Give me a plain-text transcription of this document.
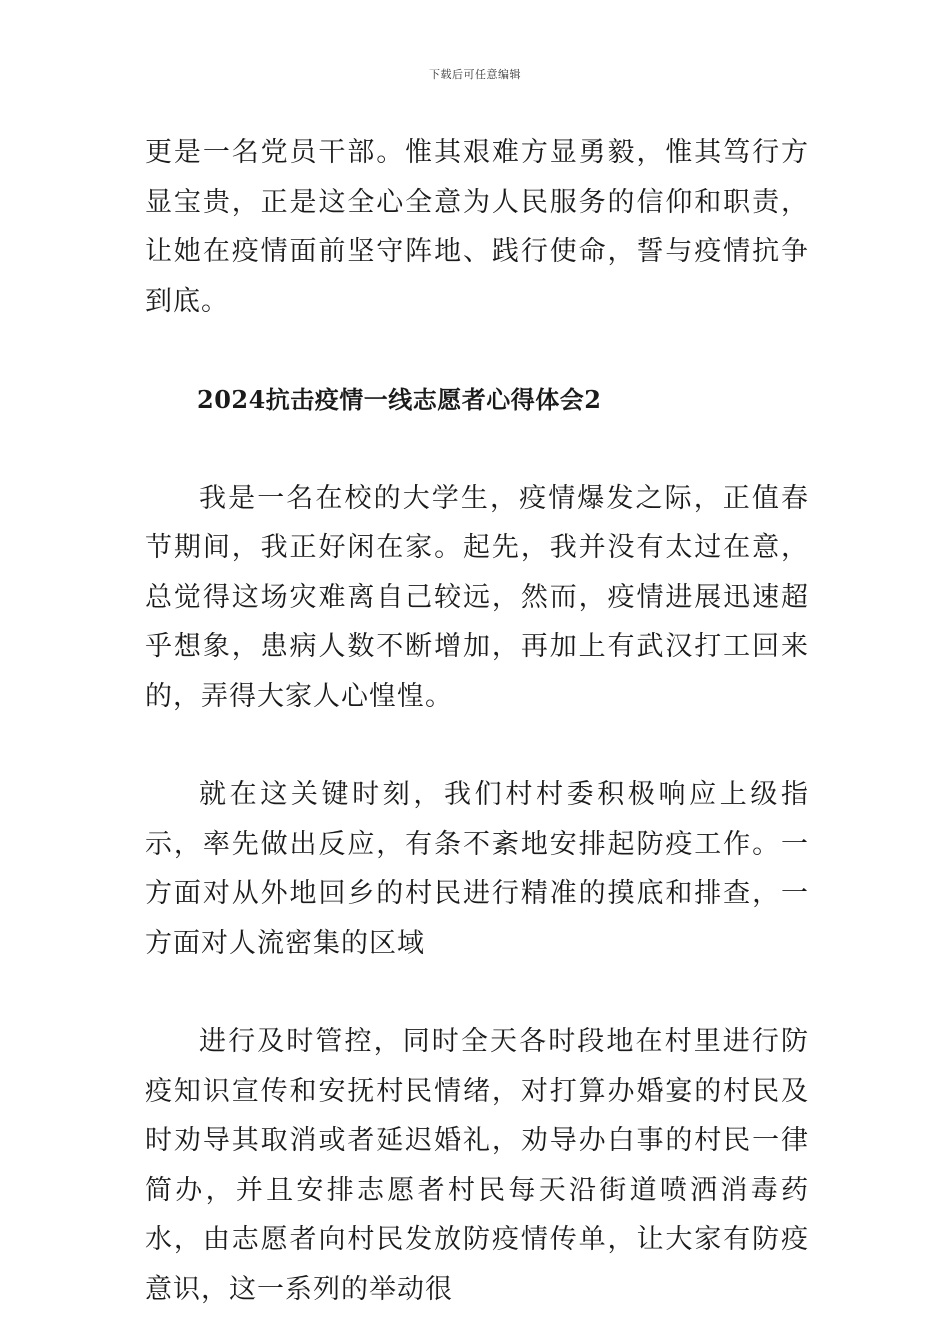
下载后可任意编辑

更是一名党员干部。惟其艰难方显勇毅，惟其笃行方显宝贵，正是这全心全意为人民服务的信仰和职责，让她在疫情面前坚守阵地、践行使命，誓与疫情抗争到底。

2024抗击疫情一线志愿者心得体会2

我是一名在校的大学生，疫情爆发之际，正值春节期间，我正好闲在家。起先，我并没有太过在意，总觉得这场灾难离自己较远，然而，疫情进展迅速超乎想象，患病人数不断增加，再加上有武汉打工回来的，弄得大家人心惶惶。

就在这关键时刻，我们村村委积极响应上级指示，率先做出反应，有条不紊地安排起防疫工作。一方面对从外地回乡的村民进行精准的摸底和排查，一方面对人流密集的区域

进行及时管控，同时全天各时段地在村里进行防疫知识宣传和安抚村民情绪，对打算办婚宴的村民及时劝导其取消或者延迟婚礼，劝导办白事的村民一律简办，并且安排志愿者村民每天沿街道喷洒消毒药水，由志愿者向村民发放防疫情传单，让大家有防疫意识，这一系列的举动很
